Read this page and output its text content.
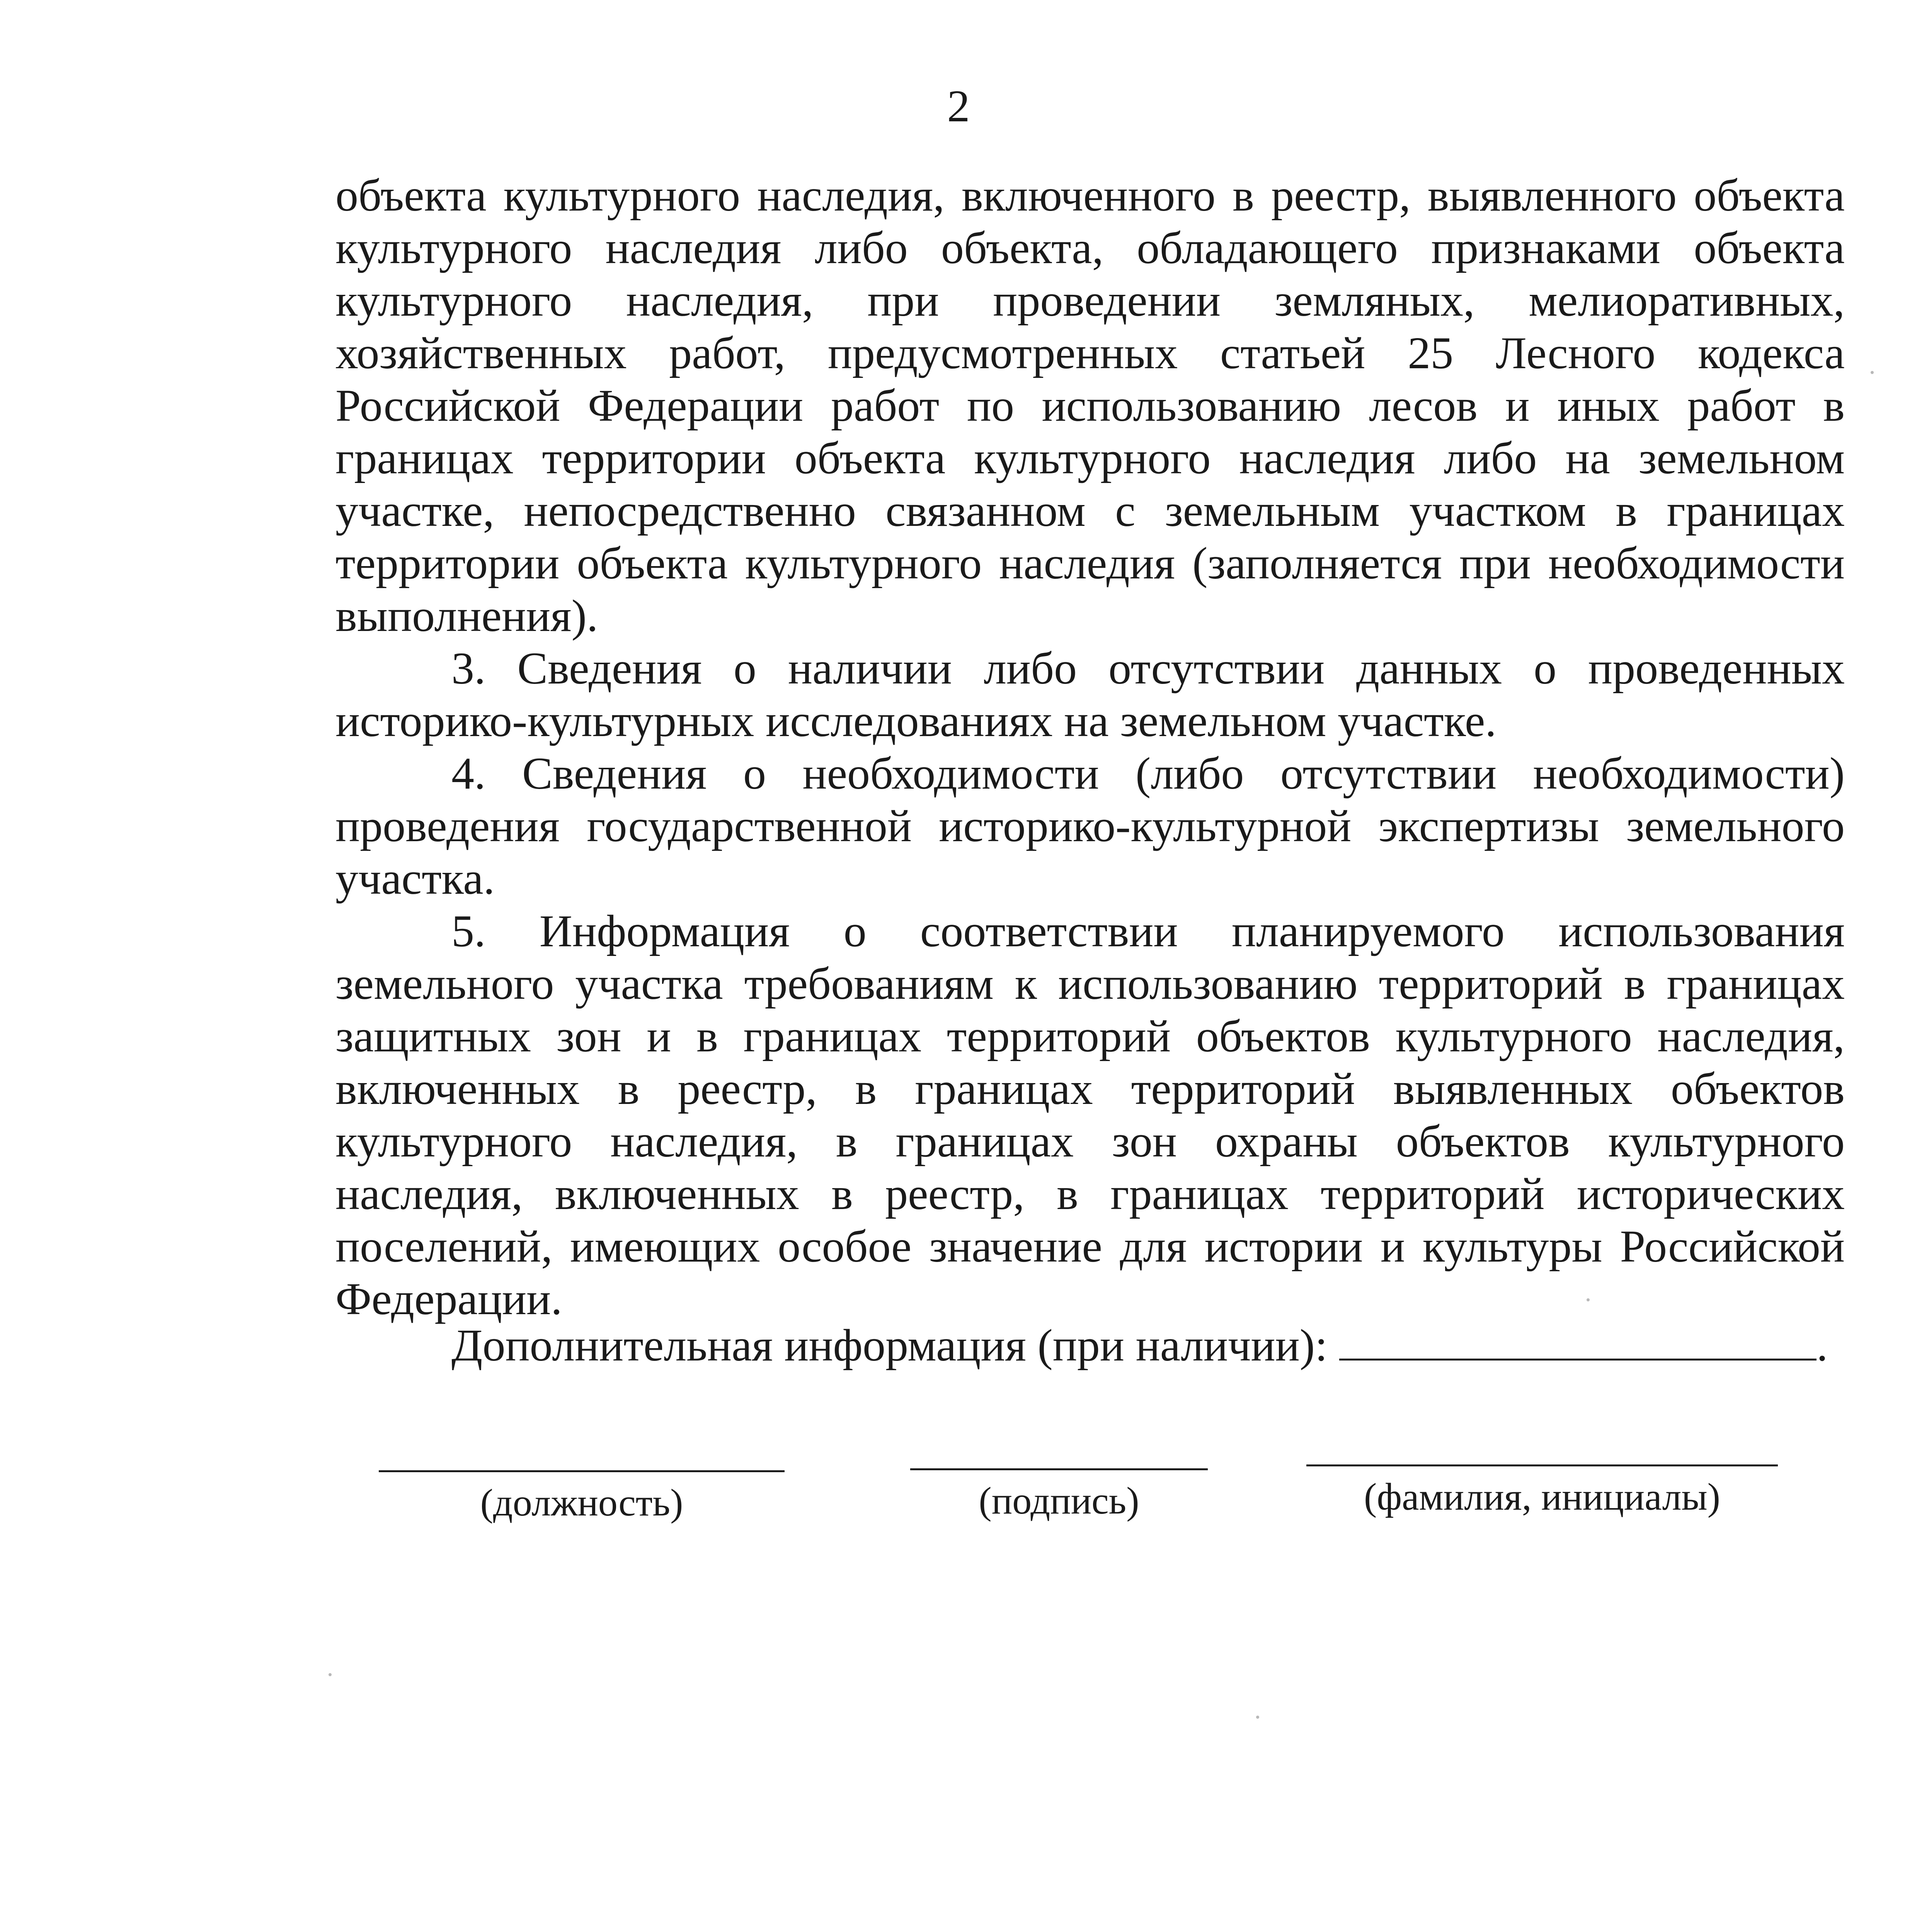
2

объекта культурного наследия, включенного в реестр, выявленного объекта культурного наследия либо объекта, обладающего признаками объекта культурного наследия, при проведении земляных, мелиоративных, хозяйственных работ, предусмотренных статьей 25 Лесного кодекса Российской Федерации работ по использованию лесов и иных работ в границах территории объекта культурного наследия либо на земельном участке, непосредственно связанном с земельным участком в границах территории объекта культурного наследия (заполняется при необходимости выполнения).

3. Сведения о наличии либо отсутствии данных о проведенных историко-культурных исследованиях на земельном участке.

4. Сведения о необходимости (либо отсутствии необходимости) проведения государственной историко-культурной экспертизы земельного участка.

5. Информация о соответствии планируемого использования земельного участка требованиям к использованию территорий в границах защитных зон и в границах территорий объектов культурного наследия, включенных в реестр, в границах территорий выявленных объектов культурного наследия, в границах зон охраны объектов культурного наследия, включенных в реестр, в границах территорий исторических поселений, имеющих особое значение для истории и культуры Российской Федерации.

Дополнительная информация (при наличии):	.
(должность)	(подпись)	(фамилия, инициалы)
